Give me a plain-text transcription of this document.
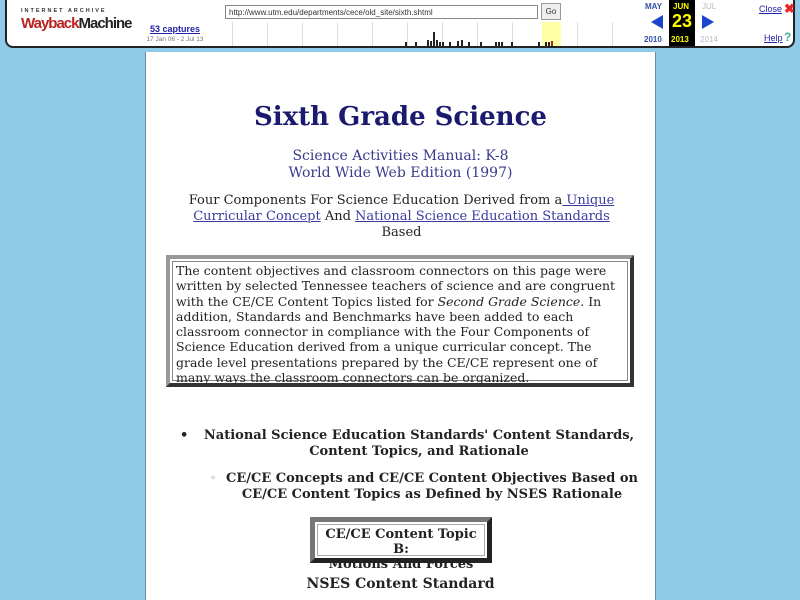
INTERNET ARCHIVE
WaybackMachine	53 captures
17 Jan 06 - 2 Jul 13
http://www.utm.edu/departments/cece/old_site/sixth.shtml
Go
MAY JUN JUL
23
2010 2013 2014
Close ✖
Help ?
Sixth Grade Science
Science Activities Manual: K-8
World Wide Web Edition (1997)
Four Components For Science Education Derived from a Unique Curricular Concept And National Science Education Standards Based
The content objectives and classroom connectors on this page were written by selected Tennessee teachers of science and are congruent with the CE/CE Content Topics listed for Second Grade Science. In addition, Standards and Benchmarks have been added to each classroom connector in compliance with the Four Components of Science Education derived from a unique curricular concept. The grade level presentations prepared by the CE/CE represent one of many ways the classroom connectors can be organized.
•	National Science Education Standards' Content Standards, Content Topics, and Rationale
◦ CE/CE Concepts and CE/CE Content Objectives Based on CE/CE Content Topics as Defined by NSES Rationale
CE/CE Content Topic B:
Motions And Forces
NSES Content Standard
